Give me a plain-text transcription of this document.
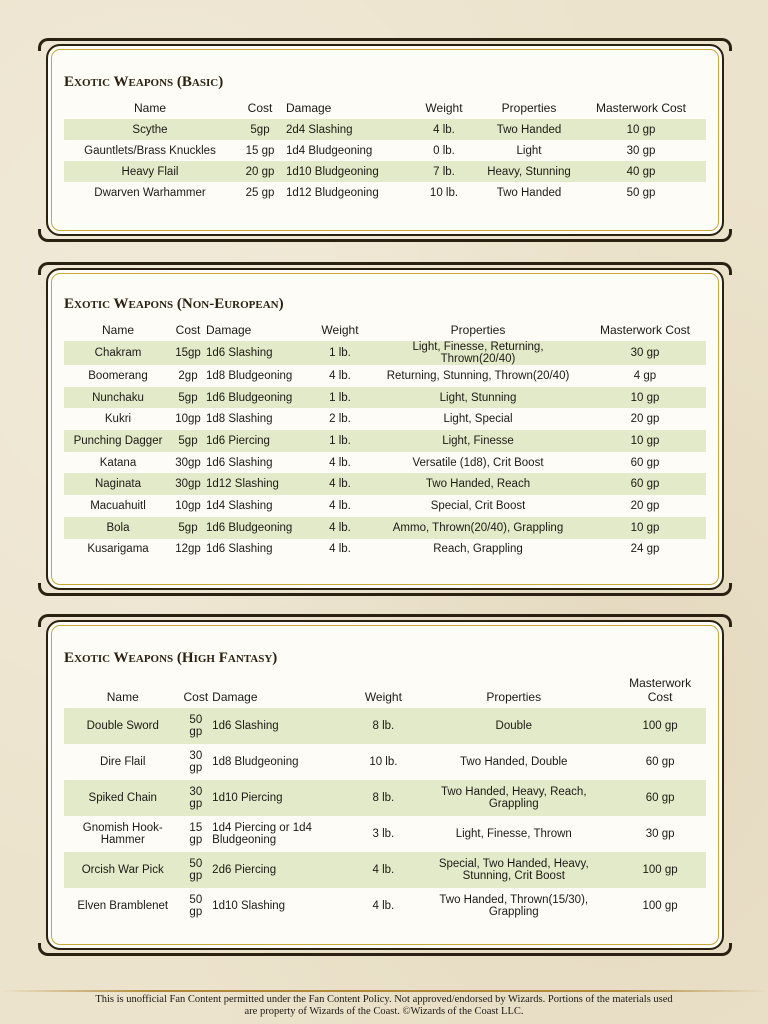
Exotic Weapons (Basic)
Name	Cost	Damage	Weight	Properties	Masterwork Cost
Scythe	5gp	2d4 Slashing	4 lb.	Two Handed	10 gp
Gauntlets/Brass Knuckles	15 gp	1d4 Bludgeoning	0 lb.	Light	30 gp
Heavy Flail	20 gp	1d10 Bludgeoning	7 lb.	Heavy, Stunning	40 gp
Dwarven Warhammer	25 gp	1d12 Bludgeoning	10 lb.	Two Handed	50 gp
Exotic Weapons (Non-European)
Name	Cost	Damage	Weight	Properties	Masterwork Cost
Chakram	15gp	1d6 Slashing	1 lb.	Light, Finesse, Returning, Thrown(20/40)	30 gp
Boomerang	2gp	1d8 Bludgeoning	4 lb.	Returning, Stunning, Thrown(20/40)	4 gp
Nunchaku	5gp	1d6 Bludgeoning	1 lb.	Light, Stunning	10 gp
Kukri	10gp	1d8 Slashing	2 lb.	Light, Special	20 gp
Punching Dagger	5gp	1d6 Piercing	1 lb.	Light, Finesse	10 gp
Katana	30gp	1d6 Slashing	4 lb.	Versatile (1d8), Crit Boost	60 gp
Naginata	30gp	1d12 Slashing	4 lb.	Two Handed, Reach	60 gp
Macuahuitl	10gp	1d4 Slashing	4 lb.	Special, Crit Boost	20 gp
Bola	5gp	1d6 Bludgeoning	4 lb.	Ammo, Thrown(20/40), Grappling	10 gp
Kusarigama	12gp	1d6 Slashing	4 lb.	Reach, Grappling	24 gp
Exotic Weapons (High Fantasy)
Name	Cost	Damage	Weight	Properties	Masterwork Cost
Double Sword	50 gp	1d6 Slashing	8 lb.	Double	100 gp
Dire Flail	30 gp	1d8 Bludgeoning	10 lb.	Two Handed, Double	60 gp
Spiked Chain	30 gp	1d10 Piercing	8 lb.	Two Handed, Heavy, Reach, Grappling	60 gp
Gnomish Hook-Hammer	15 gp	1d4 Piercing or 1d4 Bludgeoning	3 lb.	Light, Finesse, Thrown	30 gp
Orcish War Pick	50 gp	2d6 Piercing	4 lb.	Special, Two Handed, Heavy, Stunning, Crit Boost	100 gp
Elven Bramblenet	50 gp	1d10 Slashing	4 lb.	Two Handed, Thrown(15/30), Grappling	100 gp
This is unofficial Fan Content permitted under the Fan Content Policy. Not approved/endorsed by Wizards. Portions of the materials used
are property of Wizards of the Coast. ©Wizards of the Coast LLC.
